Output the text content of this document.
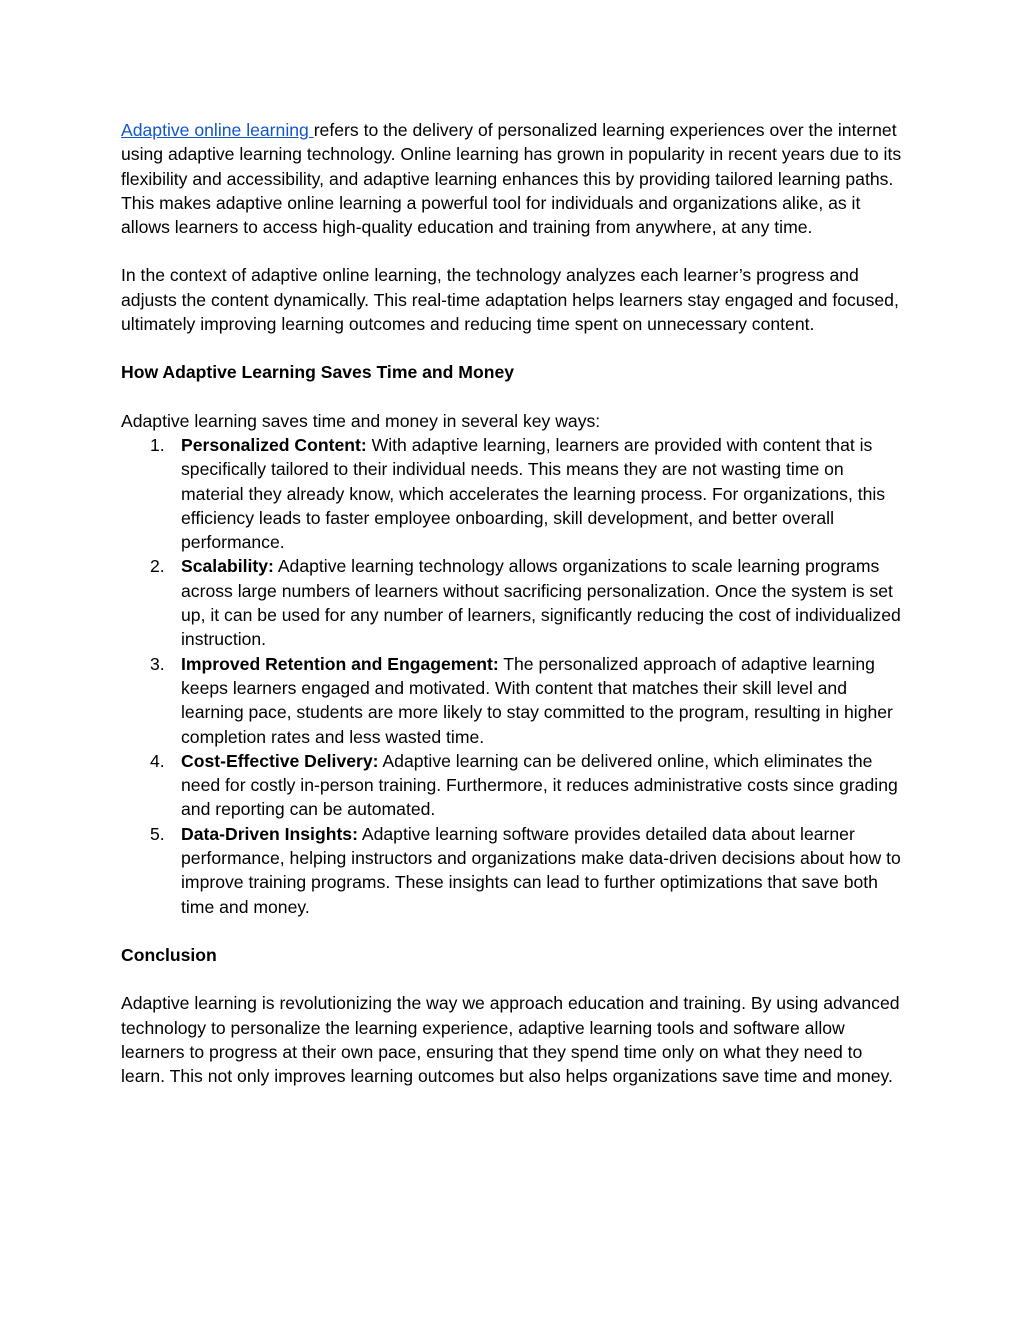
Adaptive online learning refers to the delivery of personalized learning experiences over the internet using adaptive learning technology. Online learning has grown in popularity in recent years due to its flexibility and accessibility, and adaptive learning enhances this by providing tailored learning paths. This makes adaptive online learning a powerful tool for individuals and organizations alike, as it allows learners to access high-quality education and training from anywhere, at any time.

In the context of adaptive online learning, the technology analyzes each learner’s progress and adjusts the content dynamically. This real-time adaptation helps learners stay engaged and focused, ultimately improving learning outcomes and reducing time spent on unnecessary content.

How Adaptive Learning Saves Time and Money

Adaptive learning saves time and money in several key ways:

1. Personalized Content: With adaptive learning, learners are provided with content that is specifically tailored to their individual needs. This means they are not wasting time on material they already know, which accelerates the learning process. For organizations, this efficiency leads to faster employee onboarding, skill development, and better overall performance.
2. Scalability: Adaptive learning technology allows organizations to scale learning programs across large numbers of learners without sacrificing personalization. Once the system is set up, it can be used for any number of learners, significantly reducing the cost of individualized instruction.
3. Improved Retention and Engagement: The personalized approach of adaptive learning keeps learners engaged and motivated. With content that matches their skill level and learning pace, students are more likely to stay committed to the program, resulting in higher completion rates and less wasted time.
4. Cost-Effective Delivery: Adaptive learning can be delivered online, which eliminates the need for costly in-person training. Furthermore, it reduces administrative costs since grading and reporting can be automated.
5. Data-Driven Insights: Adaptive learning software provides detailed data about learner performance, helping instructors and organizations make data-driven decisions about how to improve training programs. These insights can lead to further optimizations that save both time and money.

Conclusion

Adaptive learning is revolutionizing the way we approach education and training. By using advanced technology to personalize the learning experience, adaptive learning tools and software allow learners to progress at their own pace, ensuring that they spend time only on what they need to learn. This not only improves learning outcomes but also helps organizations save time and money.
